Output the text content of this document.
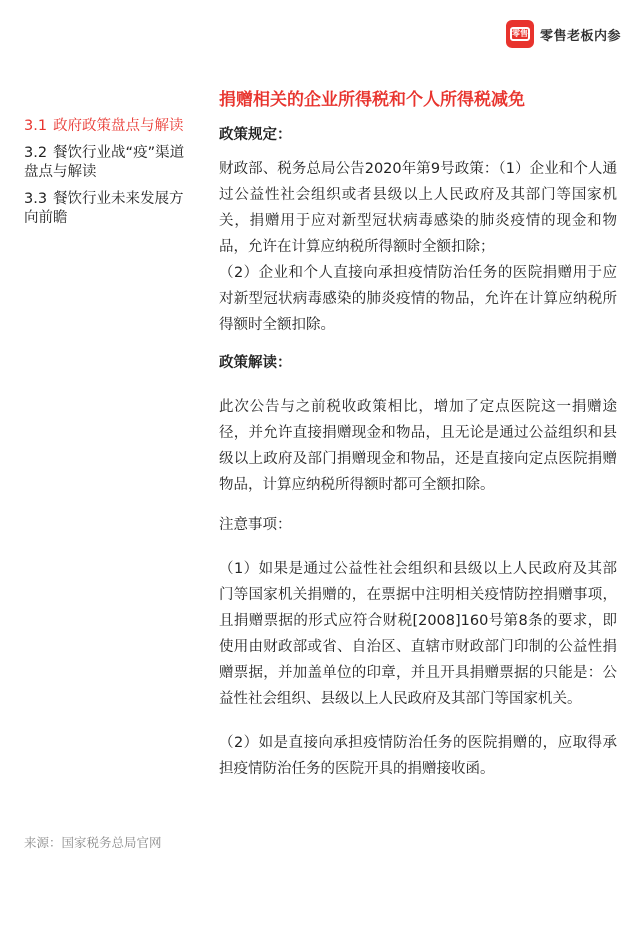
零售 零售老板内参
3.1 政府政策盘点与解读
3.2 餐饮行业战“疫”渠道盘点与解读
3.3 餐饮行业未来发展方向前瞻
来源：国家税务总局官网
捐赠相关的企业所得税和个人所得税减免
政策规定：

财政部、税务总局公告2020年第9号政策：（1）企业和个人通过公益性社会组织或者县级以上人民政府及其部门等国家机关，捐赠用于应对新型冠状病毒感染的肺炎疫情的现金和物品，允许在计算应纳税所得额时全额扣除；

（2）企业和个人直接向承担疫情防治任务的医院捐赠用于应对新型冠状病毒感染的肺炎疫情的物品，允许在计算应纳税所得额时全额扣除。

政策解读：

此次公告与之前税收政策相比，增加了定点医院这一捐赠途径，并允许直接捐赠现金和物品，且无论是通过公益组织和县级以上政府及部门捐赠现金和物品，还是直接向定点医院捐赠物品，计算应纳税所得额时都可全额扣除。

注意事项：

（1）如果是通过公益性社会组织和县级以上人民政府及其部门等国家机关捐赠的，在票据中注明相关疫情防控捐赠事项，且捐赠票据的形式应符合财税[2008]160号第8条的要求，即使用由财政部或省、自治区、直辖市财政部门印制的公益性捐赠票据，并加盖单位的印章，并且开具捐赠票据的只能是：公益性社会组织、县级以上人民政府及其部门等国家机关。

（2）如是直接向承担疫情防治任务的医院捐赠的，应取得承担疫情防治任务的医院开具的捐赠接收函。
